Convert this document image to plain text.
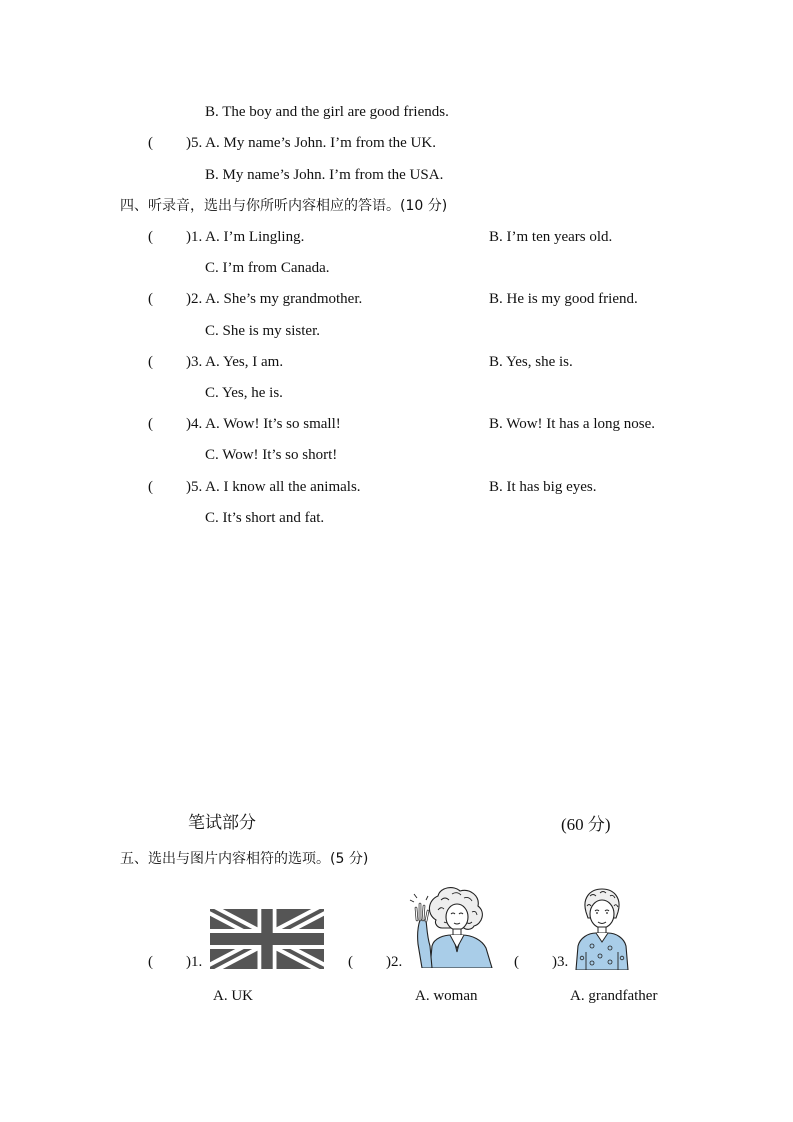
B. The boy and the girl are good friends.
( )5. A. My name’s John. I’m from the UK.
B. My name’s John. I’m from the USA.
四、听录音，选出与你所听内容相应的答语。(10 分)
( )1. A. I’m Lingling.	B. I’m ten years old.
C. I’m from Canada.
( )2. A. She’s my grandmother.	B. He is my good friend.
C. She is my sister.
( )3. A. Yes, I am.	B. Yes, she is.
C. Yes, he is.
( )4. A. Wow! It’s so small!	B. Wow! It has a long nose.
C. Wow! It’s so short!
( )5. A. I know all the animals.	B. It has big eyes.
C. It’s short and fat.
笔试部分	(60 分)
五、选出与图片内容相符的选项。(5 分)
( )1.
A. UK
( )2.
A. woman
( )3.
A. grandfather
